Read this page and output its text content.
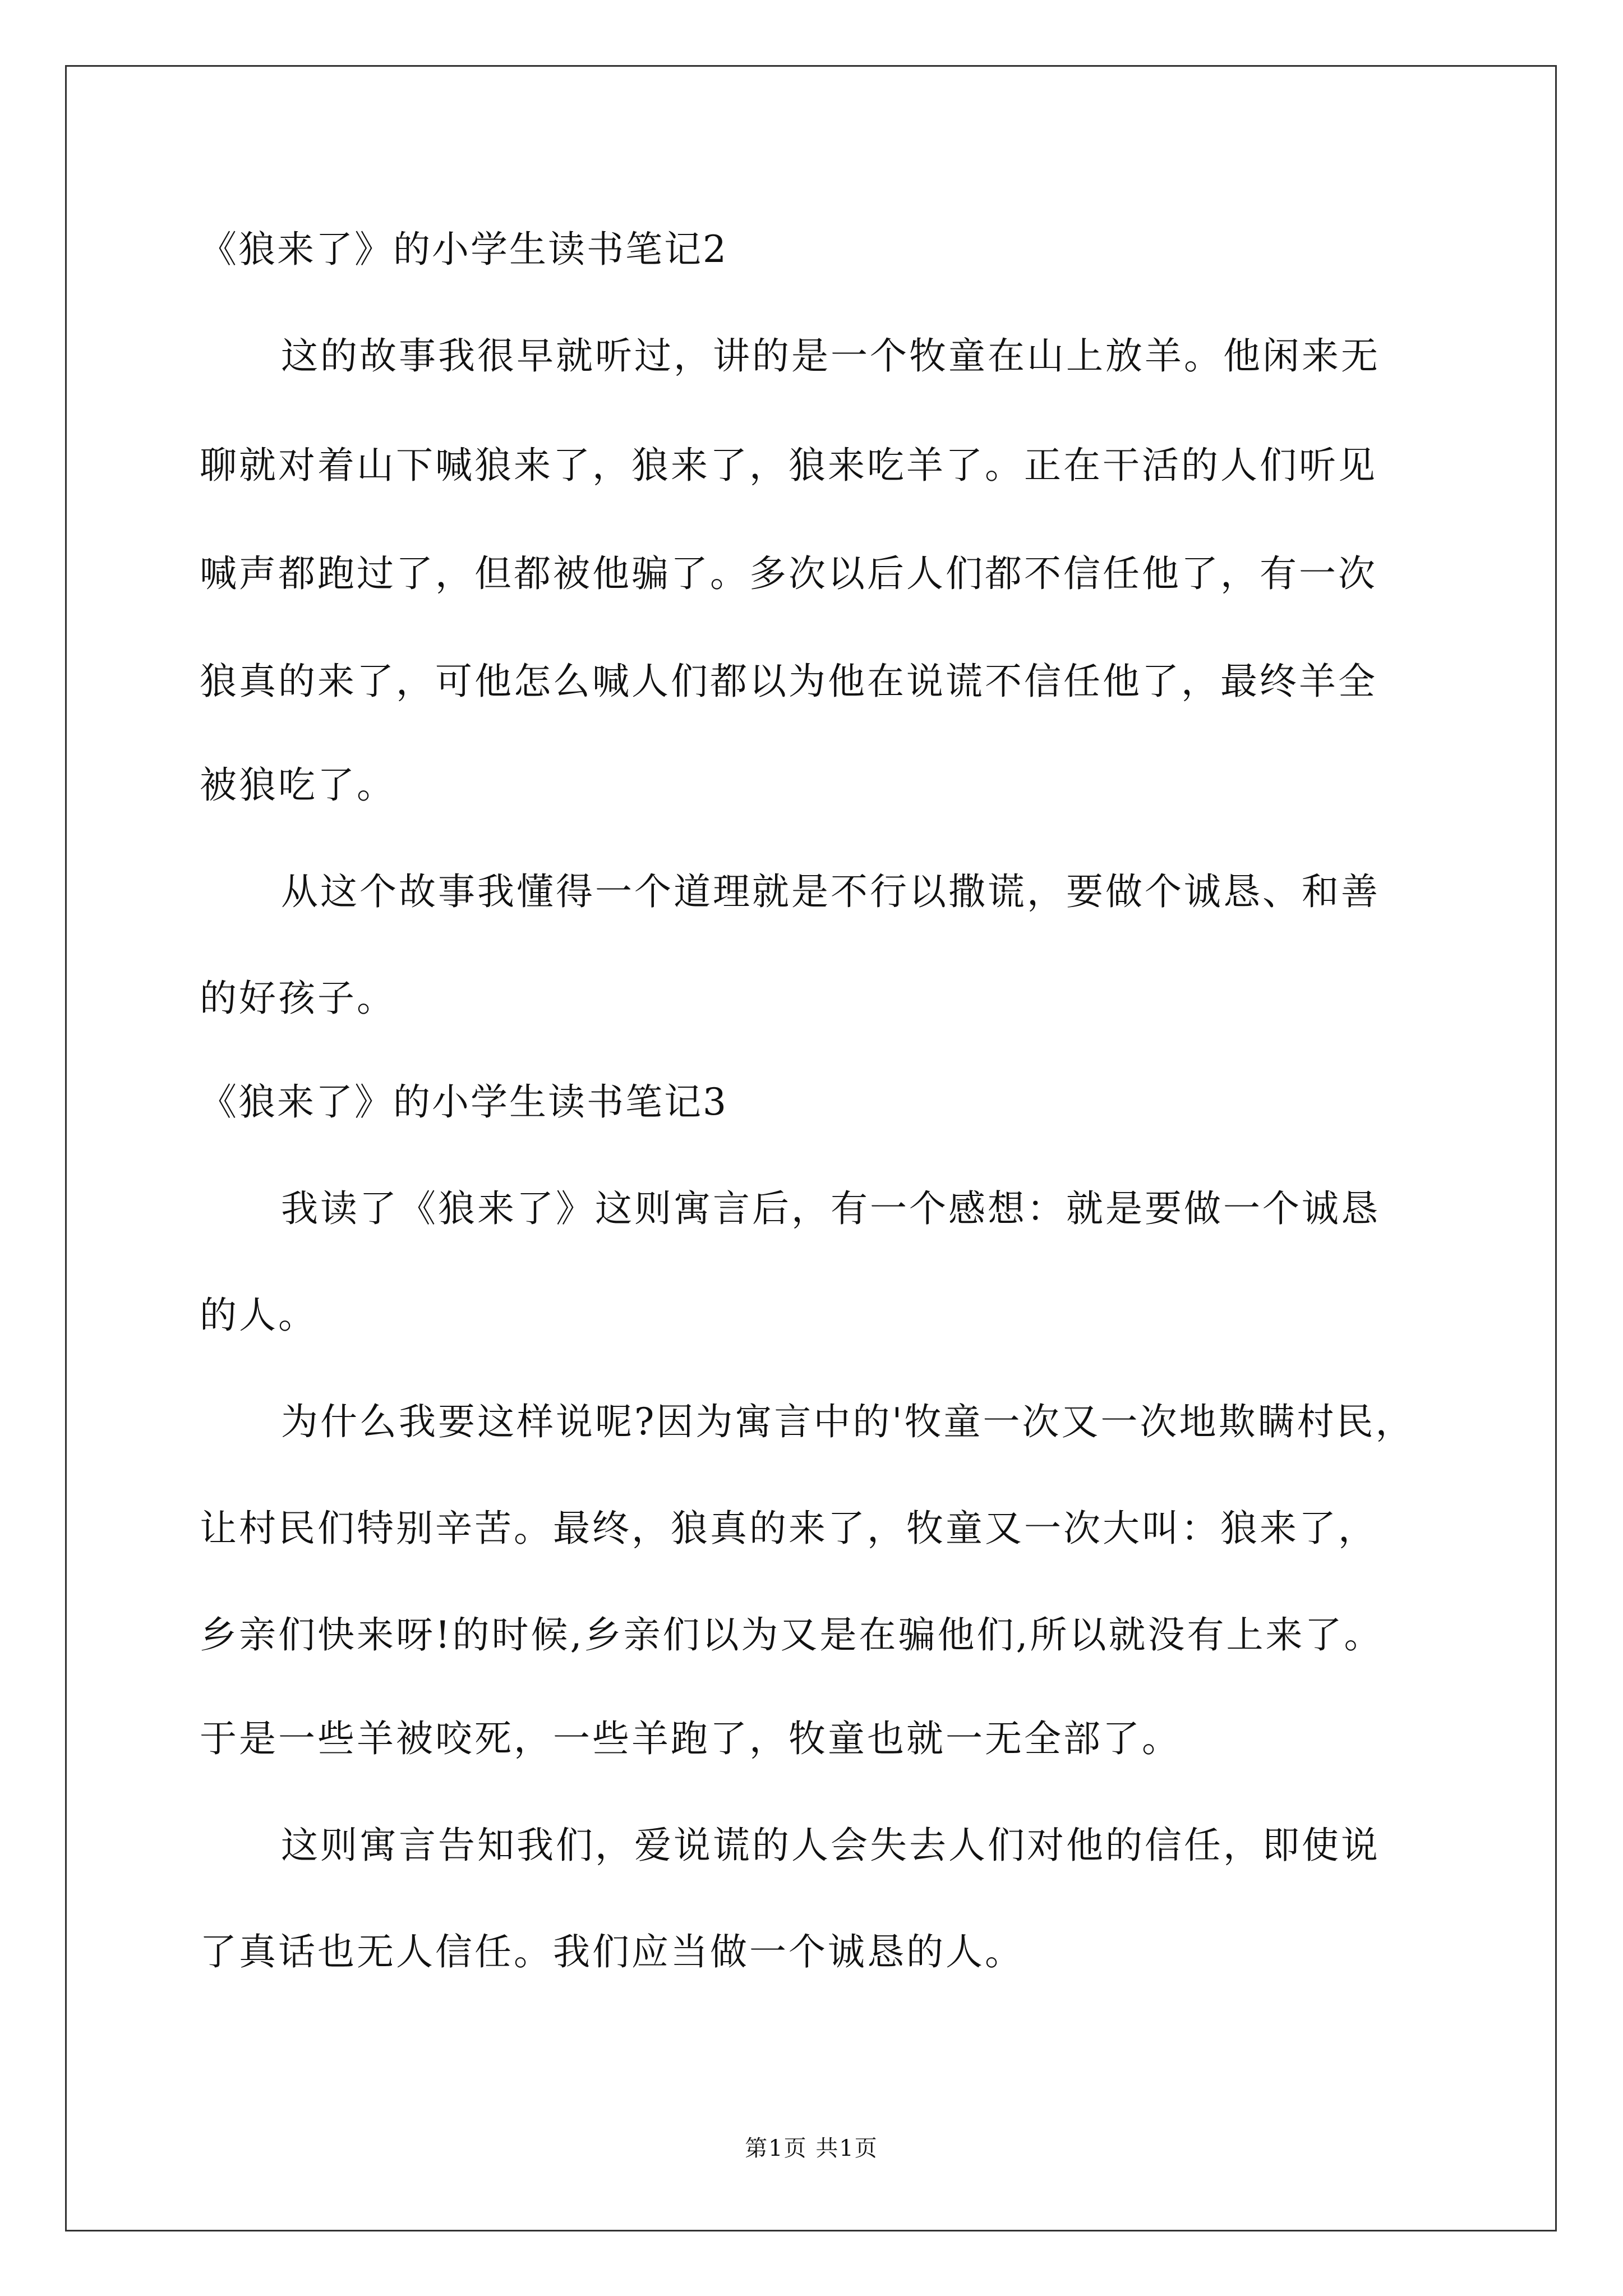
《狼来了》的小学生读书笔记2
这的故事我很早就听过，讲的是一个牧童在山上放羊。他闲来无
聊就对着山下喊狼来了，狼来了，狼来吃羊了。正在干活的人们听见
喊声都跑过了，但都被他骗了。多次以后人们都不信任他了，有一次
狼真的来了，可他怎么喊人们都以为他在说谎不信任他了，最终羊全
被狼吃了。
从这个故事我懂得一个道理就是不行以撒谎，要做个诚恳、和善
的好孩子。
《狼来了》的小学生读书笔记3
我读了《狼来了》这则寓言后，有一个感想：就是要做一个诚恳
的人。
为什么我要这样说呢?因为寓言中的'牧童一次又一次地欺瞒村民，
让村民们特别辛苦。最终，狼真的来了，牧童又一次大叫：狼来了，
乡亲们快来呀!的时候,乡亲们以为又是在骗他们,所以就没有上来了。
于是一些羊被咬死，一些羊跑了，牧童也就一无全部了。
这则寓言告知我们，爱说谎的人会失去人们对他的信任，即使说
了真话也无人信任。我们应当做一个诚恳的人。
第1页 共1页
